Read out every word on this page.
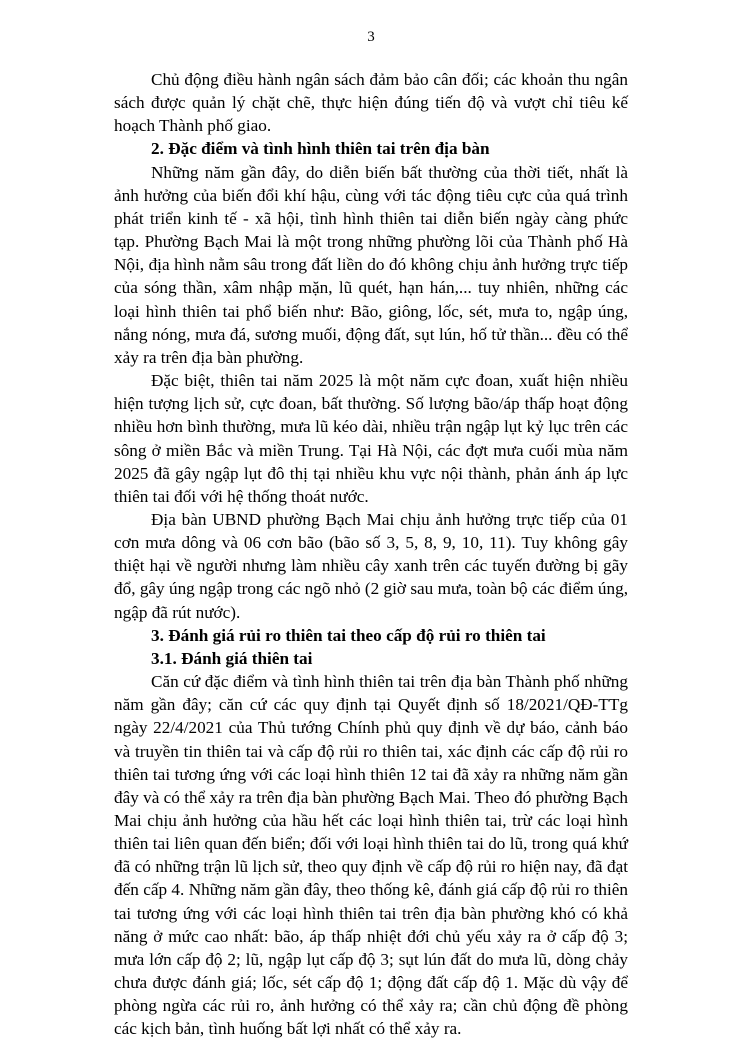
3

Chủ động điều hành ngân sách đảm bảo cân đối; các khoản thu ngân sách được quản lý chặt chẽ, thực hiện đúng tiến độ và vượt chỉ tiêu kế hoạch Thành phố giao.

2. Đặc điểm và tình hình thiên tai trên địa bàn

Những năm gần đây, do diễn biến bất thường của thời tiết, nhất là ảnh hưởng của biến đổi khí hậu, cùng với tác động tiêu cực của quá trình phát triển kinh tế - xã hội, tình hình thiên tai diễn biến ngày càng phức tạp. Phường Bạch Mai là một trong những phường lõi của Thành phố Hà Nội, địa hình nằm sâu trong đất liền do đó không chịu ảnh hưởng trực tiếp của sóng thần, xâm nhập mặn, lũ quét, hạn hán,... tuy nhiên, những các loại hình thiên tai phổ biến như: Bão, giông, lốc, sét, mưa to, ngập úng, nắng nóng, mưa đá, sương muối, động đất, sụt lún, hố tử thần... đều có thể xảy ra trên địa bàn phường.

Đặc biệt, thiên tai năm 2025 là một năm cực đoan, xuất hiện nhiều hiện tượng lịch sử, cực đoan, bất thường. Số lượng bão/áp thấp hoạt động nhiều hơn bình thường, mưa lũ kéo dài, nhiều trận ngập lụt kỷ lục trên các sông ở miền Bắc và miền Trung. Tại Hà Nội, các đợt mưa cuối mùa năm 2025 đã gây ngập lụt đô thị tại nhiều khu vực nội thành, phản ánh áp lực thiên tai đối với hệ thống thoát nước.

Địa bàn UBND phường Bạch Mai chịu ảnh hưởng trực tiếp của 01 cơn mưa dông và 06 cơn bão (bão số 3, 5, 8, 9, 10, 11). Tuy không gây thiệt hại về người nhưng làm nhiều cây xanh trên các tuyến đường bị gãy đổ, gây úng ngập trong các ngõ nhỏ (2 giờ sau mưa, toàn bộ các điểm úng, ngập đã rút nước).

3. Đánh giá rủi ro thiên tai theo cấp độ rủi ro thiên tai
3.1. Đánh giá thiên tai

Căn cứ đặc điểm và tình hình thiên tai trên địa bàn Thành phố những năm gần đây; căn cứ các quy định tại Quyết định số 18/2021/QĐ-TTg ngày 22/4/2021 của Thủ tướng Chính phủ quy định về dự báo, cảnh báo và truyền tin thiên tai và cấp độ rủi ro thiên tai, xác định các cấp độ rủi ro thiên tai tương ứng với các loại hình thiên 12 tai đã xảy ra những năm gần đây và có thể xảy ra trên địa bàn phường Bạch Mai. Theo đó phường Bạch Mai chịu ảnh hưởng của hầu hết các loại hình thiên tai, trừ các loại hình thiên tai liên quan đến biển; đối với loại hình thiên tai do lũ, trong quá khứ đã có những trận lũ lịch sử, theo quy định về cấp độ rủi ro hiện nay, đã đạt đến cấp 4. Những năm gần đây, theo thống kê, đánh giá cấp độ rủi ro thiên tai tương ứng với các loại hình thiên tai trên địa bàn phường khó có khả năng ở mức cao nhất: bão, áp thấp nhiệt đới chủ yếu xảy ra ở cấp độ 3; mưa lớn cấp độ 2; lũ, ngập lụt cấp độ 3; sụt lún đất do mưa lũ, dòng chảy chưa được đánh giá; lốc, sét cấp độ 1; động đất cấp độ 1. Mặc dù vậy để phòng ngừa các rủi ro, ảnh hưởng có thể xảy ra; cần chủ động đề phòng các kịch bản, tình huống bất lợi nhất có thể xảy ra.
